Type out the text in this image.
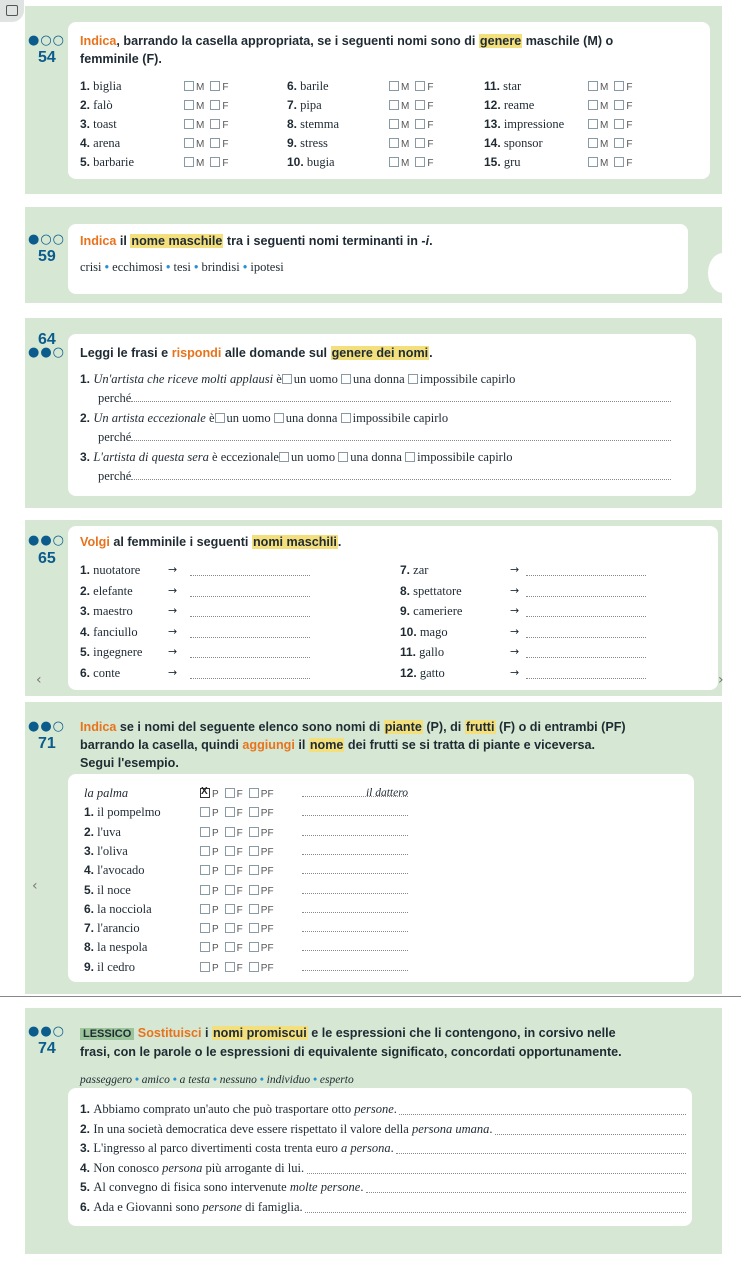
●○○
54
Indica, barrando la casella appropriata, se i seguenti nomi sono di genere maschile (M) o
femminile (F).
1. biglia	M F
2. falò	M F
3. toast	M F
4. arena	M F
5. barbarie	M F
6. barile	M F
7. pipa	M F
8. stemma	M F
9. stress	M F
10. bugia	M F
11. star	M F
12. reame	M F
13. impressione	M F
14. sponsor	M F
15. gru	M F
●○○
59
Indica il nome maschile tra i seguenti nomi terminanti in -i.
crisi • ecchimosi • tesi • brindisi • ipotesi
●●○
64
Leggi le frasi e rispondi alle domande sul genere dei nomi.
1. Un'artista che riceve molti applausi è un uomo una donna impossibile capirlo
perché
2. Un artista eccezionale è un uomo una donna impossibile capirlo
perché
3. L'artista di questa sera è eccezionale un uomo una donna impossibile capirlo
perché
●●○
65
Volgi al femminile i seguenti nomi maschili.
1. nuotatore	→
2. elefante	→
3. maestro	→
4. fanciullo	→
5. ingegnere →
6. conte	→
7. zar	→
8. spettatore	→
9. cameriere	→
10. mago	→
11. gallo	→
12. gatto	→
‹	›
●●○
71
Indica se i nomi del seguente elenco sono nomi di piante (P), di frutti (F) o di entrambi (PF)
barrando la casella, quindi aggiungi il nome dei frutti se si tratta di piante e viceversa.
Segui l'esempio.
la palma
X	P F PF	il dattero
1. il pompelmo	P F PF
2. l'uva	P F PF
3. l'oliva	P F PF
4. l'avocado	P F PF
5. il noce	P F PF
6. la nocciola	P F PF
7. l'arancio	P F PF
8. la nespola	P F PF
9. il cedro	P F PF
‹
●●○
74
LESSICO Sostituisci i nomi promiscui e le espressioni che li contengono, in corsivo nelle
frasi, con le parole o le espressioni di equivalente significato, concordati opportunamente.
passeggero • amico • a testa • nessuno • individuo • esperto
1. Abbiamo comprato un'auto che può trasportare otto persone.
2. In una società democratica deve essere rispettato il valore della persona umana.
3. L'ingresso al parco divertimenti costa trenta euro a persona.
4. Non conosco persona più arrogante di lui.
5. Al convegno di fisica sono intervenute molte persone.
6. Ada e Giovanni sono persone di famiglia.
